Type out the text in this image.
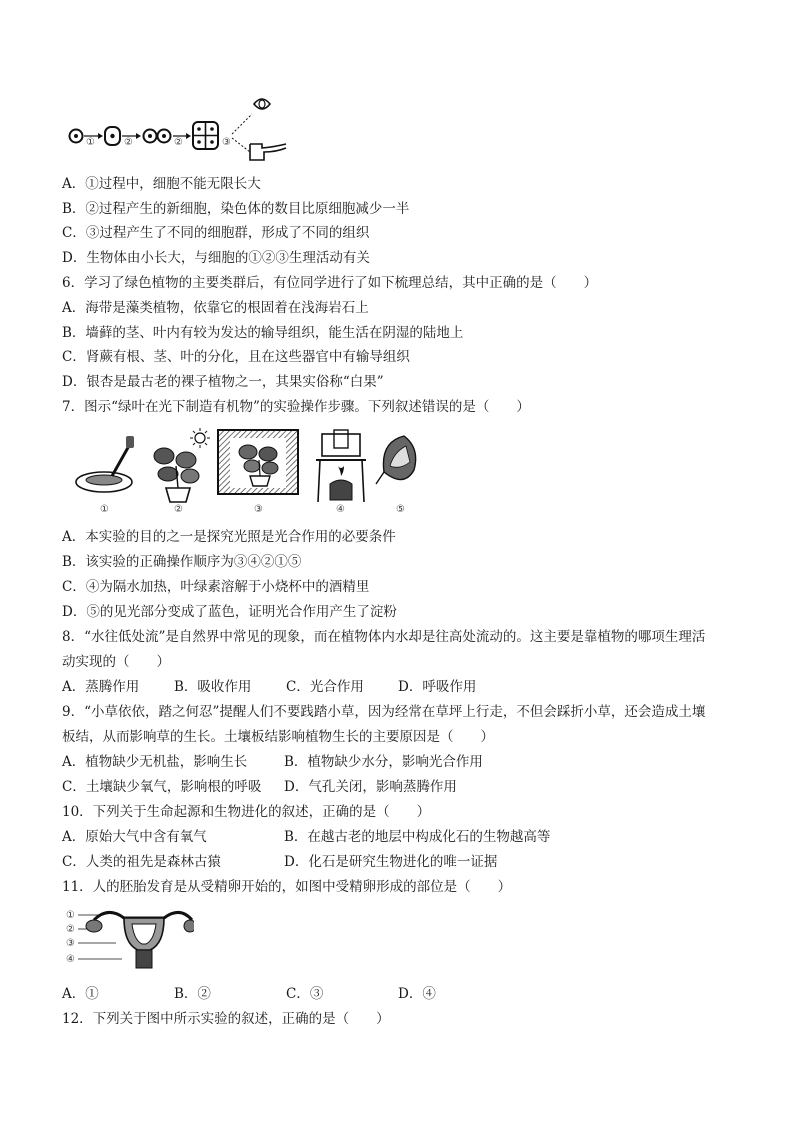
①	②	②	③
A．①过程中，细胞不能无限长大
B．②过程产生的新细胞，染色体的数目比原细胞减少一半
C．③过程产生了不同的细胞群，形成了不同的组织
D．生物体由小长大，与细胞的①②③生理活动有关
6．学习了绿色植物的主要类群后，有位同学进行了如下梳理总结，其中正确的是（　　）
A．海带是藻类植物，依靠它的根固着在浅海岩石上
B．墙藓的茎、叶内有较为发达的输导组织，能生活在阴湿的陆地上
C．肾蕨有根、茎、叶的分化，且在这些器官中有输导组织
D．银杏是最古老的裸子植物之一，其果实俗称“白果”
7．图示“绿叶在光下制造有机物”的实验操作步骤。下列叙述错误的是（　　）
①	②	③	④	⑤
A．本实验的目的之一是探究光照是光合作用的必要条件
B．该实验的正确操作顺序为③④②①⑤
C．④为隔水加热，叶绿素溶解于小烧杯中的酒精里
D．⑤的见光部分变成了蓝色，证明光合作用产生了淀粉
8．“水往低处流”是自然界中常见的现象，而在植物体内水却是往高处流动的。这主要是靠植物的哪项生理活
动实现的（　　）
A．蒸腾作用	B．吸收作用	C．光合作用	D．呼吸作用
9．“小草依依，踏之何忍”提醒人们不要践踏小草，因为经常在草坪上行走，不但会踩折小草，还会造成土壤
板结，从而影响草的生长。土壤板结影响植物生长的主要原因是（　　）
A．植物缺少无机盐，影响生长	B．植物缺少水分，影响光合作用
C．土壤缺少氧气，影响根的呼吸 D．气孔关闭，影响蒸腾作用
10．下列关于生命起源和生物进化的叙述，正确的是（　　）
A．原始大气中含有氧气	B．在越古老的地层中构成化石的生物越高等
C．人类的祖先是森林古猿	D．化石是研究生物进化的唯一证据
11．人的胚胎发育是从受精卵开始的，如图中受精卵形成的部位是（　　）
①
②
③
④
A．①	B．②	C．③	D．④
12．下列关于图中所示实验的叙述，正确的是（　　）
